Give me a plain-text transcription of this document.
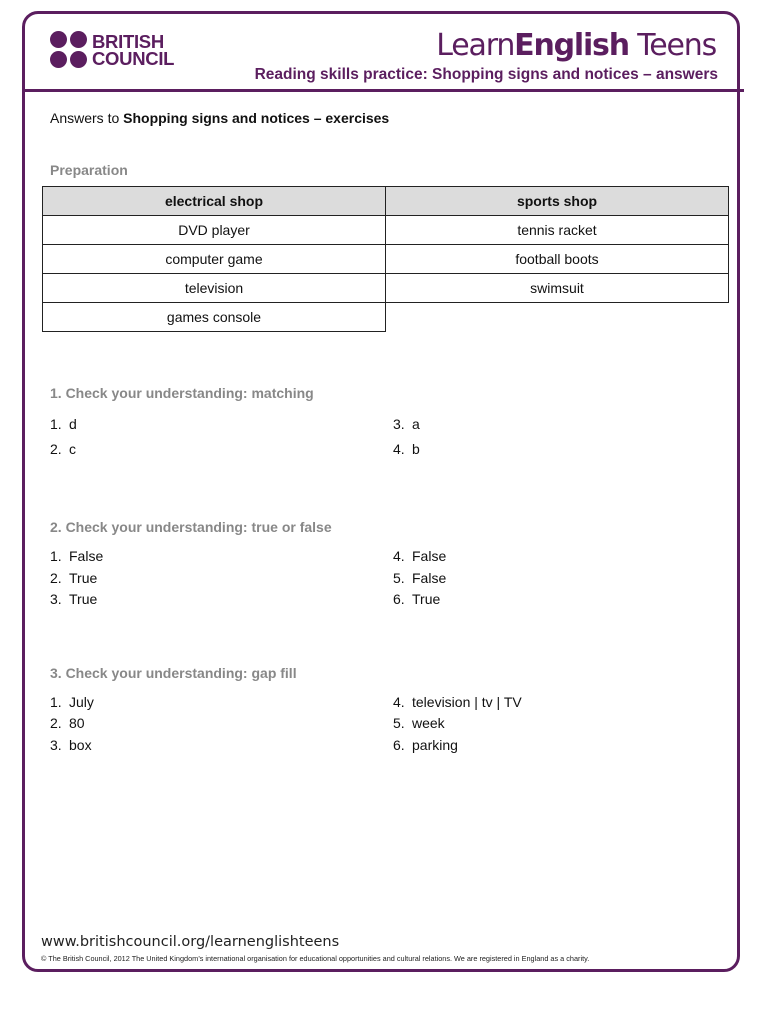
BRITISH
COUNCIL	LearnEnglish Teens
Reading skills practice: Shopping signs and notices – answers
Answers to Shopping signs and notices – exercises
Preparation
electrical shop	sports shop
DVD player	tennis racket
computer game	football boots
television	swimsuit
games console	
1. Check your understanding: matching
1. d
2. c
3. a
4. b
2. Check your understanding: true or false
1. False
2. True
3. True
4. False
5. False
6. True
3. Check your understanding: gap fill
1. July
2. 80
3. box
4. television | tv | TV
5. week
6. parking
www.britishcouncil.org/learnenglishteens
© The British Council, 2012 The United Kingdom’s international organisation for educational opportunities and cultural relations. We are registered in England as a charity.
